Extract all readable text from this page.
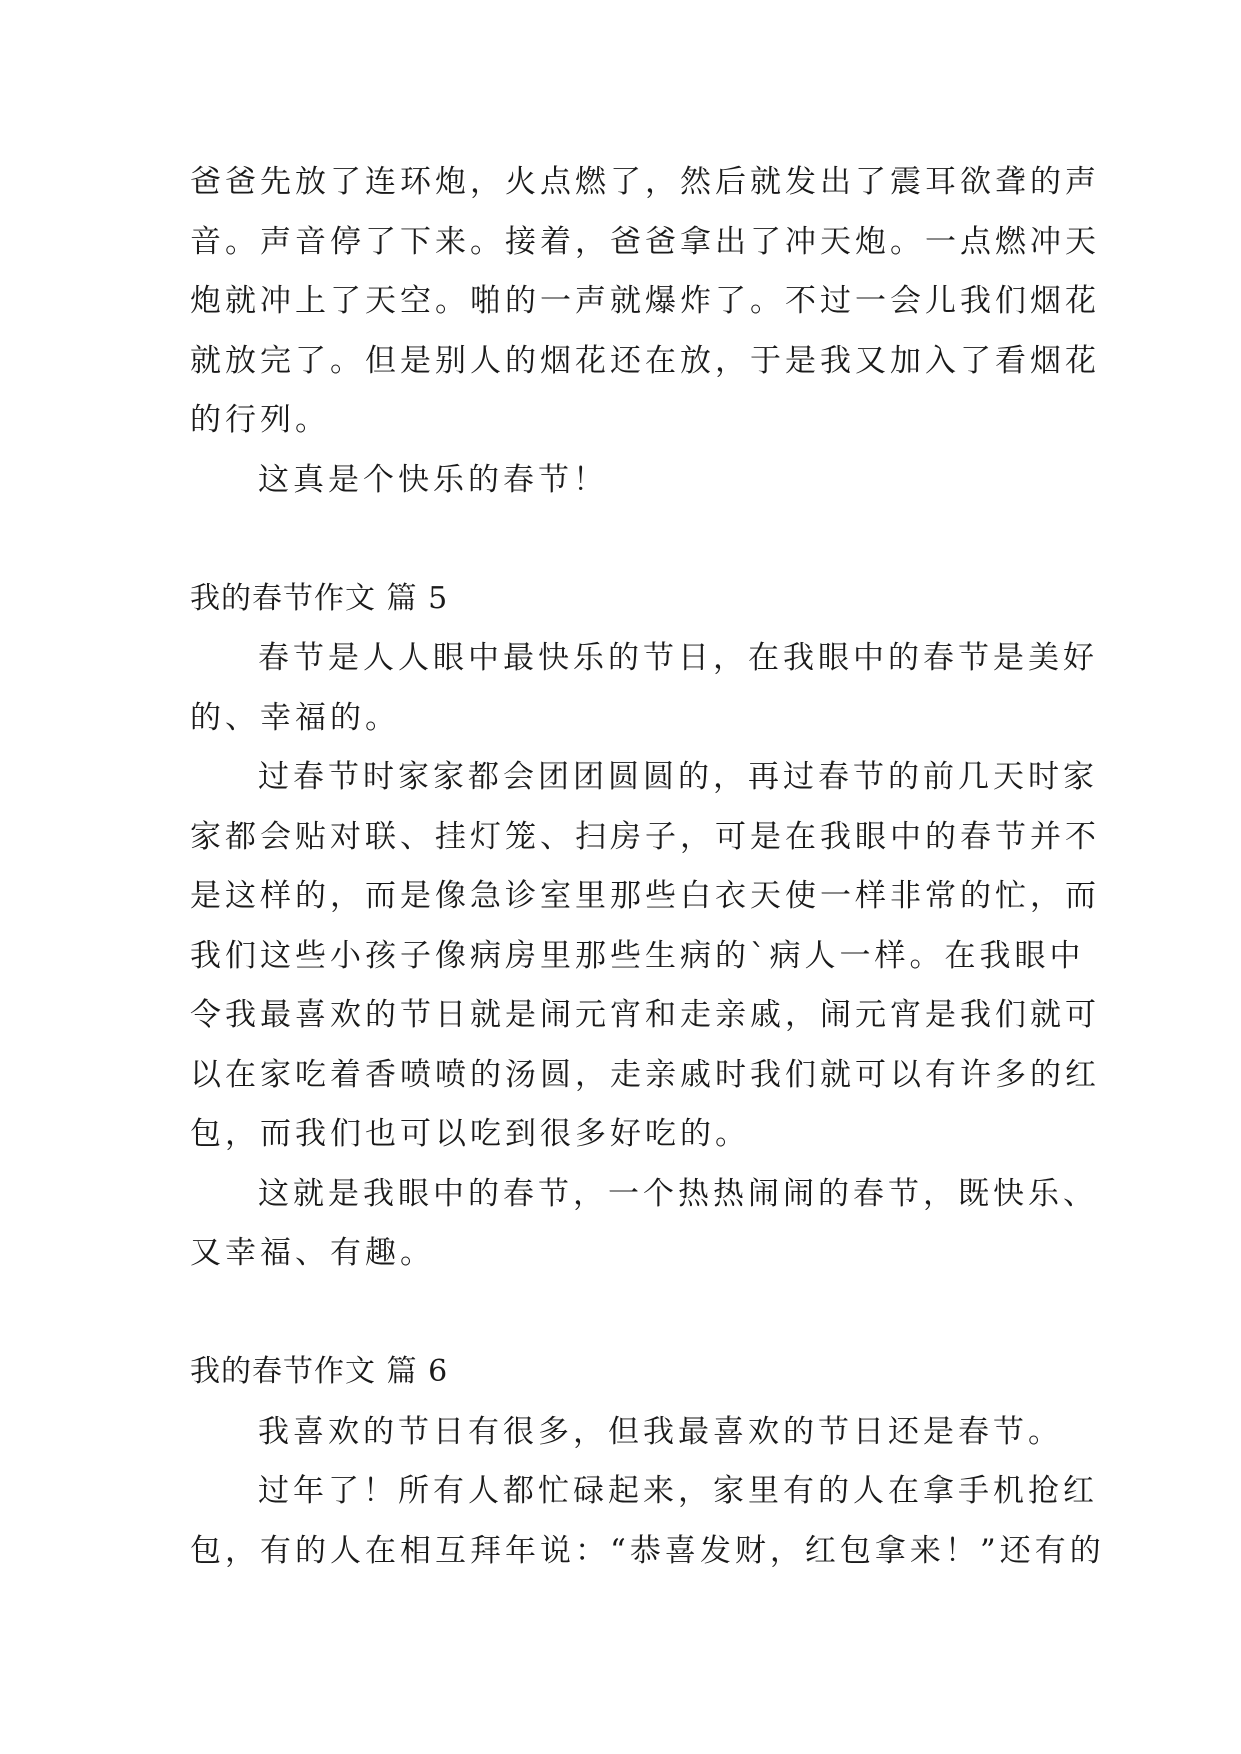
爸爸先放了连环炮，火点燃了，然后就发出了震耳欲聋的声
音。声音停了下来。接着，爸爸拿出了冲天炮。一点燃冲天
炮就冲上了天空。啪的一声就爆炸了。不过一会儿我们烟花
就放完了。但是别人的烟花还在放，于是我又加入了看烟花
的行列。
这真是个快乐的春节！
我的春节作文 篇 5
春节是人人眼中最快乐的节日，在我眼中的春节是美好
的、幸福的。
过春节时家家都会团团圆圆的，再过春节的前几天时家
家都会贴对联、挂灯笼、扫房子，可是在我眼中的春节并不
是这样的，而是像急诊室里那些白衣天使一样非常的忙，而
我们这些小孩子像病房里那些生病的`病人一样。在我眼中
令我最喜欢的节日就是闹元宵和走亲戚，闹元宵是我们就可
以在家吃着香喷喷的汤圆，走亲戚时我们就可以有许多的红
包，而我们也可以吃到很多好吃的。
这就是我眼中的春节，一个热热闹闹的春节，既快乐、
又幸福、有趣。
我的春节作文 篇 6
我喜欢的节日有很多，但我最喜欢的节日还是春节。
过年了！所有人都忙碌起来，家里有的人在拿手机抢红
包，有的人在相互拜年说：“恭喜发财，红包拿来！”还有的
